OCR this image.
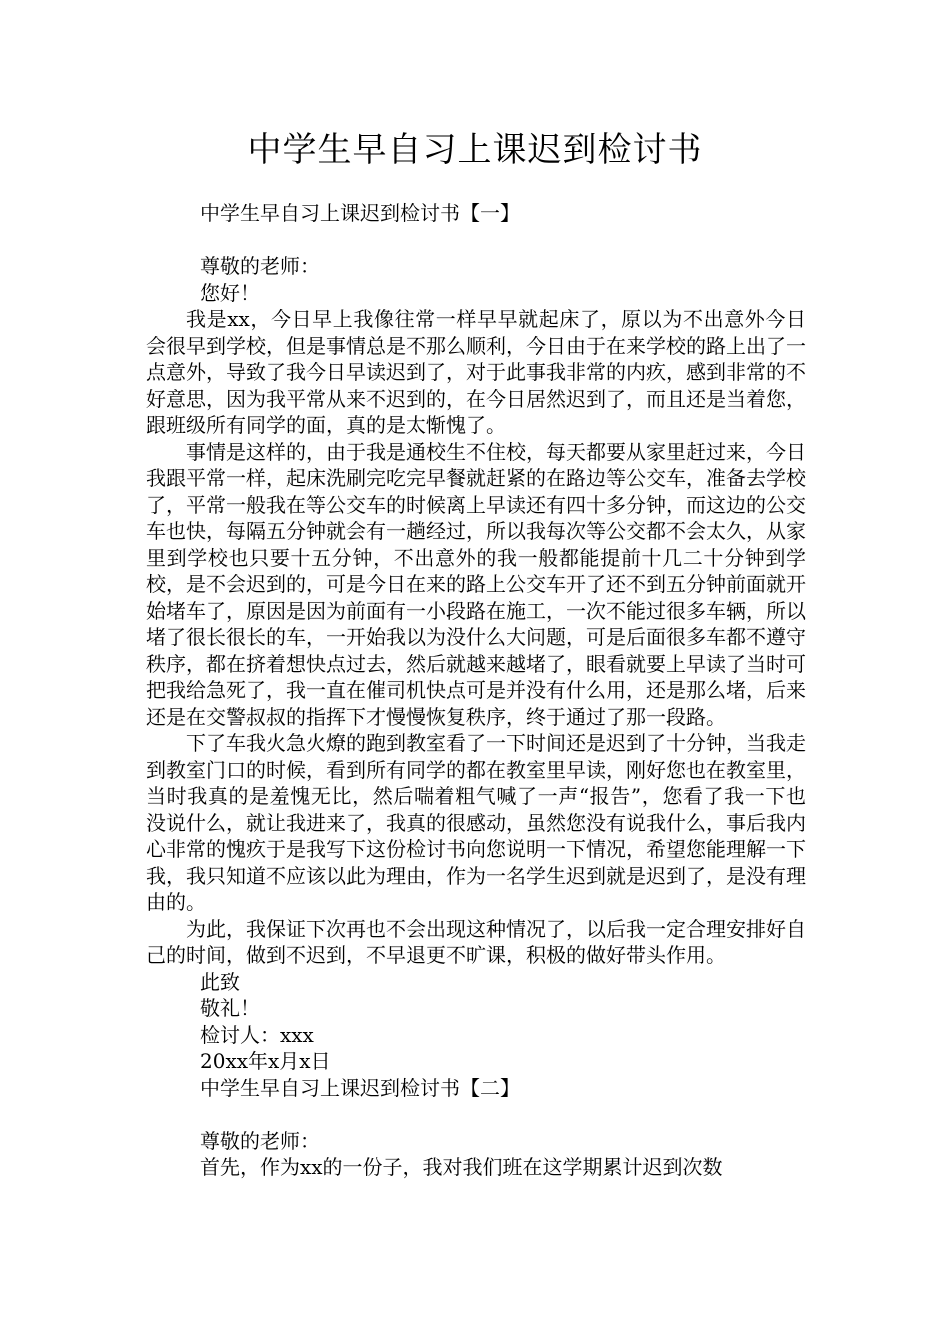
中学生早自习上课迟到检讨书

中学生早自习上课迟到检讨书【一】

尊敬的老师：

您好！

我是xx，今日早上我像往常一样早早就起床了，原以为不出意外今日会很早到学校，但是事情总是不那么顺利，今日由于在来学校的路上出了一点意外，导致了我今日早读迟到了，对于此事我非常的内疚，感到非常的不好意思，因为我平常从来不迟到的，在今日居然迟到了，而且还是当着您，跟班级所有同学的面，真的是太惭愧了。

事情是这样的，由于我是通校生不住校，每天都要从家里赶过来，今日我跟平常一样，起床洗刷完吃完早餐就赶紧的在路边等公交车，准备去学校了，平常一般我在等公交车的时候离上早读还有四十多分钟，而这边的公交车也快，每隔五分钟就会有一趟经过，所以我每次等公交都不会太久，从家里到学校也只要十五分钟，不出意外的我一般都能提前十几二十分钟到学校，是不会迟到的，可是今日在来的路上公交车开了还不到五分钟前面就开始堵车了，原因是因为前面有一小段路在施工，一次不能过很多车辆，所以堵了很长很长的车，一开始我以为没什么大问题，可是后面很多车都不遵守秩序，都在挤着想快点过去，然后就越来越堵了，眼看就要上早读了当时可把我给急死了，我一直在催司机快点可是并没有什么用，还是那么堵，后来还是在交警叔叔的指挥下才慢慢恢复秩序，终于通过了那一段路。

下了车我火急火燎的跑到教室看了一下时间还是迟到了十分钟，当我走到教室门口的时候，看到所有同学的都在教室里早读，刚好您也在教室里，当时我真的是羞愧无比，然后喘着粗气喊了一声“报告”，您看了我一下也没说什么，就让我进来了，我真的很感动，虽然您没有说我什么，事后我内心非常的愧疚于是我写下这份检讨书向您说明一下情况，希望您能理解一下我，我只知道不应该以此为理由，作为一名学生迟到就是迟到了，是没有理由的。

为此，我保证下次再也不会出现这种情况了，以后我一定合理安排好自己的时间，做到不迟到，不早退更不旷课，积极的做好带头作用。

此致

敬礼！

检讨人：xxx

20xx年x月x日

中学生早自习上课迟到检讨书【二】

尊敬的老师：

首先，作为xx的一份子，我对我们班在这学期累计迟到次数
